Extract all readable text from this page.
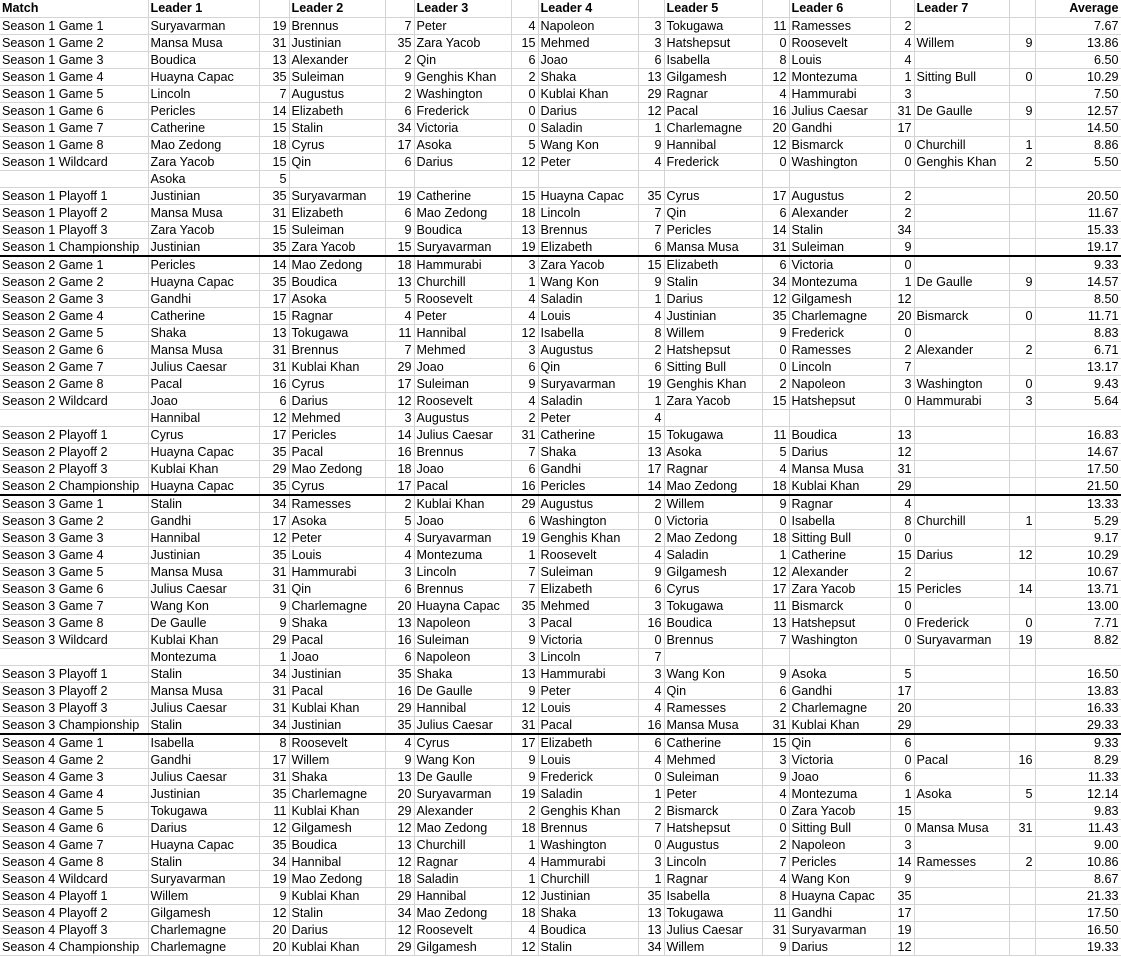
Match	Leader 1		Leader 2		Leader 3		Leader 4		Leader 5		Leader 6		Leader 7		Average
Season 1 Game 1	Suryavarman	19	Brennus	7	Peter	4	Napoleon	3	Tokugawa	11	Ramesses	2			7.67
Season 1 Game 2	Mansa Musa	31	Justinian	35	Zara Yacob	15	Mehmed	3	Hatshepsut	0	Roosevelt	4	Willem	9	13.86
Season 1 Game 3	Boudica	13	Alexander	2	Qin	6	Joao	6	Isabella	8	Louis	4			6.50
Season 1 Game 4	Huayna Capac	35	Suleiman	9	Genghis Khan	2	Shaka	13	Gilgamesh	12	Montezuma	1	Sitting Bull	0	10.29
Season 1 Game 5	Lincoln	7	Augustus	2	Washington	0	Kublai Khan	29	Ragnar	4	Hammurabi	3			7.50
Season 1 Game 6	Pericles	14	Elizabeth	6	Frederick	0	Darius	12	Pacal	16	Julius Caesar	31	De Gaulle	9	12.57
Season 1 Game 7	Catherine	15	Stalin	34	Victoria	0	Saladin	1	Charlemagne	20	Gandhi	17			14.50
Season 1 Game 8	Mao Zedong	18	Cyrus	17	Asoka	5	Wang Kon	9	Hannibal	12	Bismarck	0	Churchill	1	8.86
Season 1 Wildcard	Zara Yacob	15	Qin	6	Darius	12	Peter	4	Frederick	0	Washington	0	Genghis Khan	2	5.50
	Asoka	5													
Season 1 Playoff 1	Justinian	35	Suryavarman	19	Catherine	15	Huayna Capac	35	Cyrus	17	Augustus	2			20.50
Season 1 Playoff 2	Mansa Musa	31	Elizabeth	6	Mao Zedong	18	Lincoln	7	Qin	6	Alexander	2			11.67
Season 1 Playoff 3	Zara Yacob	15	Suleiman	9	Boudica	13	Brennus	7	Pericles	14	Stalin	34			15.33
Season 1 Championship	Justinian	35	Zara Yacob	15	Suryavarman	19	Elizabeth	6	Mansa Musa	31	Suleiman	9			19.17
Season 2 Game 1	Pericles	14	Mao Zedong	18	Hammurabi	3	Zara Yacob	15	Elizabeth	6	Victoria	0			9.33
Season 2 Game 2	Huayna Capac	35	Boudica	13	Churchill	1	Wang Kon	9	Stalin	34	Montezuma	1	De Gaulle	9	14.57
Season 2 Game 3	Gandhi	17	Asoka	5	Roosevelt	4	Saladin	1	Darius	12	Gilgamesh	12			8.50
Season 2 Game 4	Catherine	15	Ragnar	4	Peter	4	Louis	4	Justinian	35	Charlemagne	20	Bismarck	0	11.71
Season 2 Game 5	Shaka	13	Tokugawa	11	Hannibal	12	Isabella	8	Willem	9	Frederick	0			8.83
Season 2 Game 6	Mansa Musa	31	Brennus	7	Mehmed	3	Augustus	2	Hatshepsut	0	Ramesses	2	Alexander	2	6.71
Season 2 Game 7	Julius Caesar	31	Kublai Khan	29	Joao	6	Qin	6	Sitting Bull	0	Lincoln	7			13.17
Season 2 Game 8	Pacal	16	Cyrus	17	Suleiman	9	Suryavarman	19	Genghis Khan	2	Napoleon	3	Washington	0	9.43
Season 2 Wildcard	Joao	6	Darius	12	Roosevelt	4	Saladin	1	Zara Yacob	15	Hatshepsut	0	Hammurabi	3	5.64
	Hannibal	12	Mehmed	3	Augustus	2	Peter	4							
Season 2 Playoff 1	Cyrus	17	Pericles	14	Julius Caesar	31	Catherine	15	Tokugawa	11	Boudica	13			16.83
Season 2 Playoff 2	Huayna Capac	35	Pacal	16	Brennus	7	Shaka	13	Asoka	5	Darius	12			14.67
Season 2 Playoff 3	Kublai Khan	29	Mao Zedong	18	Joao	6	Gandhi	17	Ragnar	4	Mansa Musa	31			17.50
Season 2 Championship	Huayna Capac	35	Cyrus	17	Pacal	16	Pericles	14	Mao Zedong	18	Kublai Khan	29			21.50
Season 3 Game 1	Stalin	34	Ramesses	2	Kublai Khan	29	Augustus	2	Willem	9	Ragnar	4			13.33
Season 3 Game 2	Gandhi	17	Asoka	5	Joao	6	Washington	0	Victoria	0	Isabella	8	Churchill	1	5.29
Season 3 Game 3	Hannibal	12	Peter	4	Suryavarman	19	Genghis Khan	2	Mao Zedong	18	Sitting Bull	0			9.17
Season 3 Game 4	Justinian	35	Louis	4	Montezuma	1	Roosevelt	4	Saladin	1	Catherine	15	Darius	12	10.29
Season 3 Game 5	Mansa Musa	31	Hammurabi	3	Lincoln	7	Suleiman	9	Gilgamesh	12	Alexander	2			10.67
Season 3 Game 6	Julius Caesar	31	Qin	6	Brennus	7	Elizabeth	6	Cyrus	17	Zara Yacob	15	Pericles	14	13.71
Season 3 Game 7	Wang Kon	9	Charlemagne	20	Huayna Capac	35	Mehmed	3	Tokugawa	11	Bismarck	0			13.00
Season 3 Game 8	De Gaulle	9	Shaka	13	Napoleon	3	Pacal	16	Boudica	13	Hatshepsut	0	Frederick	0	7.71
Season 3 Wildcard	Kublai Khan	29	Pacal	16	Suleiman	9	Victoria	0	Brennus	7	Washington	0	Suryavarman	19	8.82
	Montezuma	1	Joao	6	Napoleon	3	Lincoln	7							
Season 3 Playoff 1	Stalin	34	Justinian	35	Shaka	13	Hammurabi	3	Wang Kon	9	Asoka	5			16.50
Season 3 Playoff 2	Mansa Musa	31	Pacal	16	De Gaulle	9	Peter	4	Qin	6	Gandhi	17			13.83
Season 3 Playoff 3	Julius Caesar	31	Kublai Khan	29	Hannibal	12	Louis	4	Ramesses	2	Charlemagne	20			16.33
Season 3 Championship	Stalin	34	Justinian	35	Julius Caesar	31	Pacal	16	Mansa Musa	31	Kublai Khan	29			29.33
Season 4 Game 1	Isabella	8	Roosevelt	4	Cyrus	17	Elizabeth	6	Catherine	15	Qin	6			9.33
Season 4 Game 2	Gandhi	17	Willem	9	Wang Kon	9	Louis	4	Mehmed	3	Victoria	0	Pacal	16	8.29
Season 4 Game 3	Julius Caesar	31	Shaka	13	De Gaulle	9	Frederick	0	Suleiman	9	Joao	6			11.33
Season 4 Game 4	Justinian	35	Charlemagne	20	Suryavarman	19	Saladin	1	Peter	4	Montezuma	1	Asoka	5	12.14
Season 4 Game 5	Tokugawa	11	Kublai Khan	29	Alexander	2	Genghis Khan	2	Bismarck	0	Zara Yacob	15			9.83
Season 4 Game 6	Darius	12	Gilgamesh	12	Mao Zedong	18	Brennus	7	Hatshepsut	0	Sitting Bull	0	Mansa Musa	31	11.43
Season 4 Game 7	Huayna Capac	35	Boudica	13	Churchill	1	Washington	0	Augustus	2	Napoleon	3			9.00
Season 4 Game 8	Stalin	34	Hannibal	12	Ragnar	4	Hammurabi	3	Lincoln	7	Pericles	14	Ramesses	2	10.86
Season 4 Wildcard	Suryavarman	19	Mao Zedong	18	Saladin	1	Churchill	1	Ragnar	4	Wang Kon	9			8.67
Season 4 Playoff 1	Willem	9	Kublai Khan	29	Hannibal	12	Justinian	35	Isabella	8	Huayna Capac	35			21.33
Season 4 Playoff 2	Gilgamesh	12	Stalin	34	Mao Zedong	18	Shaka	13	Tokugawa	11	Gandhi	17			17.50
Season 4 Playoff 3	Charlemagne	20	Darius	12	Roosevelt	4	Boudica	13	Julius Caesar	31	Suryavarman	19			16.50
Season 4 Championship	Charlemagne	20	Kublai Khan	29	Gilgamesh	12	Stalin	34	Willem	9	Darius	12			19.33
